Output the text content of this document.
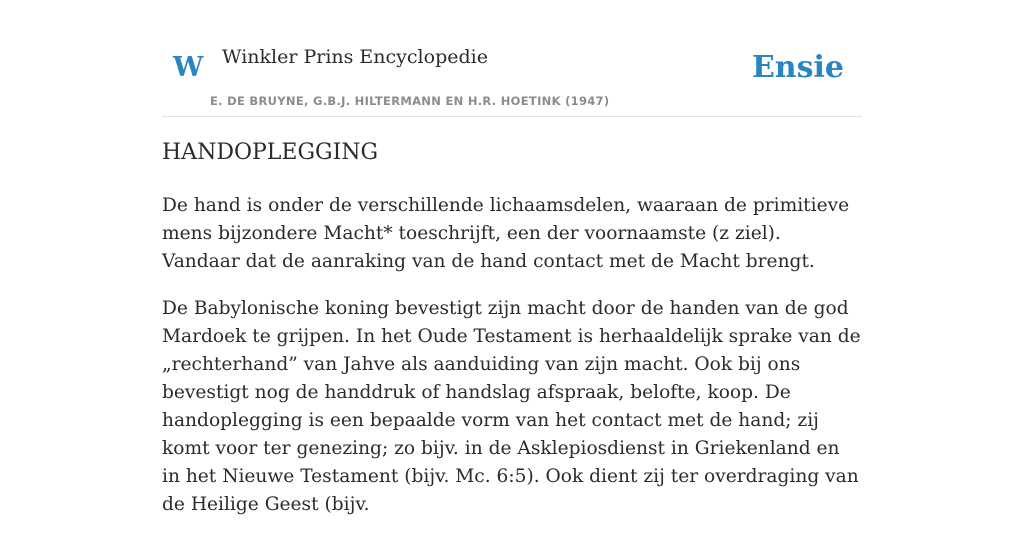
W Winkler Prins Encyclopedie
E. DE BRUYNE, G.B.J. HILTERMANN EN H.R. HOETINK (1947)
Ensie
HANDOPLEGGING

De hand is onder de verschillende lichaamsdelen, waaraan de primitieve mens bijzondere Macht* toeschrijft, een der voornaamste (z ziel). Vandaar dat de aanraking van de hand contact met de Macht brengt.

De Babylonische koning bevestigt zijn macht door de handen van de god Mardoek te grijpen. In het Oude Testament is herhaaldelijk sprake van de „rechterhand” van Jahve als aanduiding van zijn macht. Ook bij ons bevestigt nog de handdruk of handslag afspraak, belofte, koop. De handoplegging is een bepaalde vorm van het contact met de hand; zij komt voor ter genezing; zo bijv. in de Asklepiosdienst in Griekenland en in het Nieuwe Testament (bijv. Mc. 6:5). Ook dient zij ter overdraging van de Heilige Geest (bijv.
